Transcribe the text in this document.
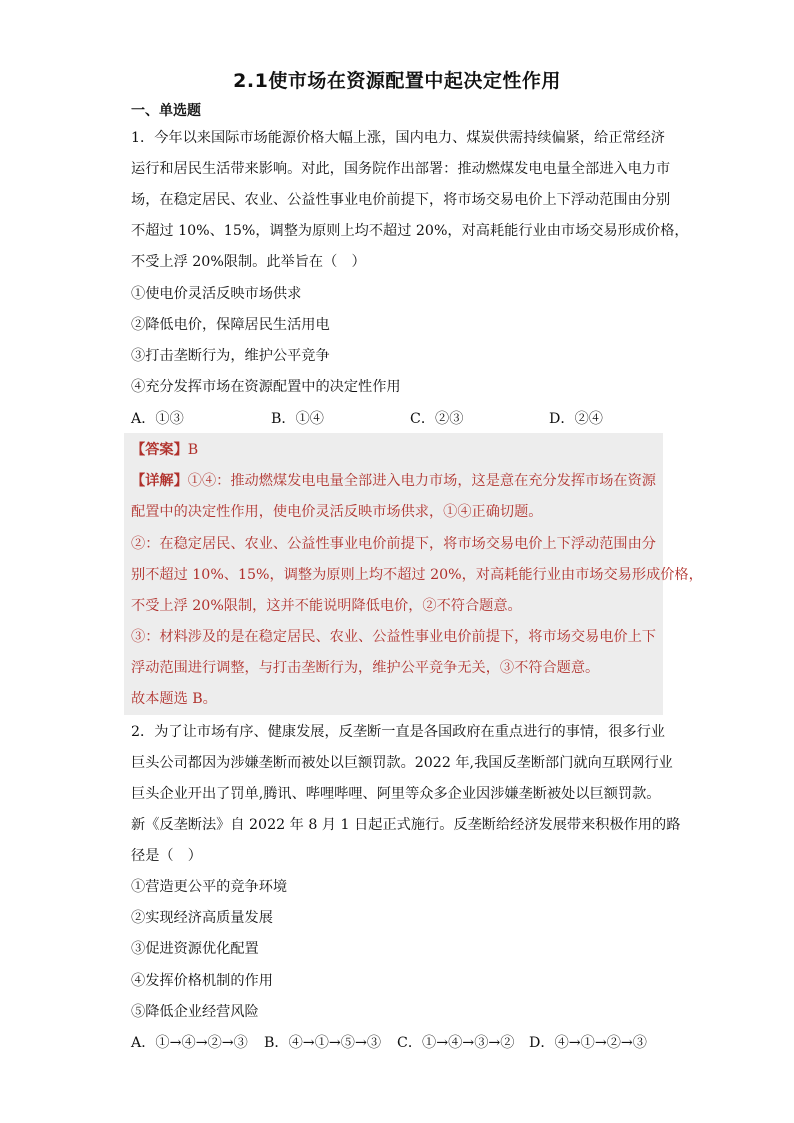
2.1使市场在资源配置中起决定性作用
一、单选题
1．今年以来国际市场能源价格大幅上涨，国内电力、煤炭供需持续偏紧，给正常经济
运行和居民生活带来影响。对此，国务院作出部署：推动燃煤发电电量全部进入电力市
场，在稳定居民、农业、公益性事业电价前提下，将市场交易电价上下浮动范围由分别
不超过 10%、15%，调整为原则上均不超过 20%，对高耗能行业由市场交易形成价格，
不受上浮 20%限制。此举旨在（　）
①使电价灵活反映市场供求
②降低电价，保障居民生活用电
③打击垄断行为，维护公平竞争
④充分发挥市场在资源配置中的决定性作用
A．①③	B．①④	C．②③	D．②④
【答案】B
【详解】①④：推动燃煤发电电量全部进入电力市场，这是意在充分发挥市场在资源
配置中的决定性作用，使电价灵活反映市场供求，①④正确切题。
②：在稳定居民、农业、公益性事业电价前提下，将市场交易电价上下浮动范围由分
别不超过 10%、15%，调整为原则上均不超过 20%，对高耗能行业由市场交易形成价格，
不受上浮 20%限制，这并不能说明降低电价，②不符合题意。
③：材料涉及的是在稳定居民、农业、公益性事业电价前提下，将市场交易电价上下
浮动范围进行调整，与打击垄断行为，维护公平竞争无关，③不符合题意。
故本题选 B。
2．为了让市场有序、健康发展，反垄断一直是各国政府在重点进行的事情，很多行业
巨头公司都因为涉嫌垄断而被处以巨额罚款。2022 年,我国反垄断部门就向互联网行业
巨头企业开出了罚单,腾讯、哔哩哔哩、阿里等众多企业因涉嫌垄断被处以巨额罚款。
新《反垄断法》自 2022 年 8 月 1 日起正式施行。反垄断给经济发展带来积极作用的路
径是（　）
①营造更公平的竞争环境
②实现经济高质量发展
③促进资源优化配置
④发挥价格机制的作用
⑤降低企业经营风险
A．①→④→②→③ B．④→①→⑤→③ C．①→④→③→② D．④→①→②→③
